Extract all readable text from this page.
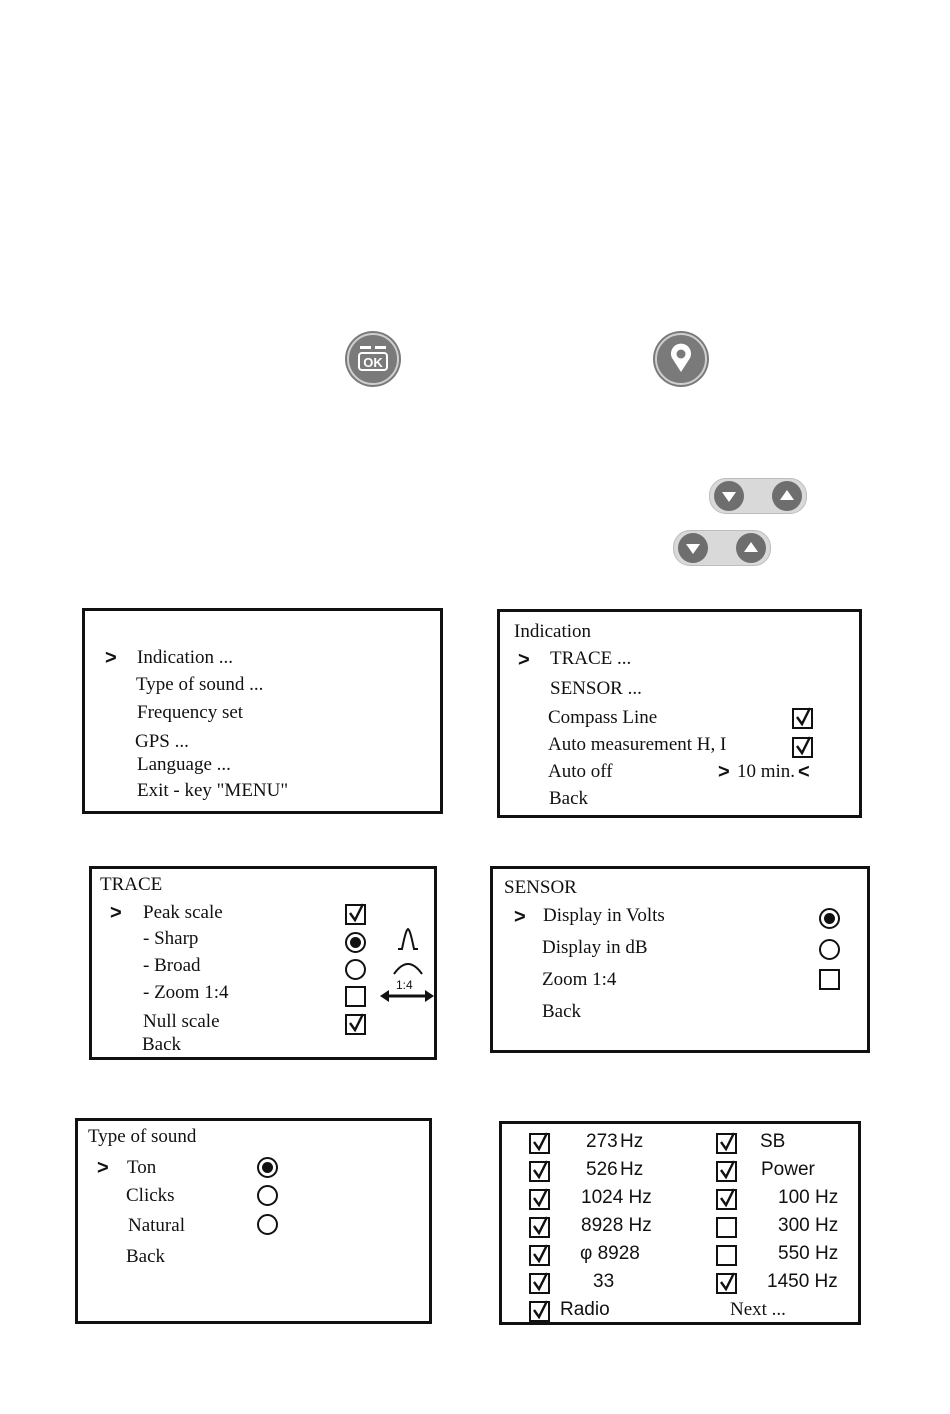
OK
> Indication ...
Type of sound ...
Frequency set
GPS ...
Language ...
Exit - key "MENU"
Indication
> TRACE ...
SENSOR ...
Compass Line
Auto measurement H, I
Auto off
Back
> 10 min. <
TRACE
> Peak scale
- Sharp
- Broad
- Zoom 1:4
Null scale
Back
1:4
SENSOR
> Display in Volts
Display in dB
Zoom 1:4
Back
Type of sound
> Ton
Clicks
Natural
Back
273 Hz
526 Hz
1024 Hz
8928 Hz
φ 8928
33
Radio
SB
Power
100 Hz
300 Hz
550 Hz
1450 Hz
Next ...
